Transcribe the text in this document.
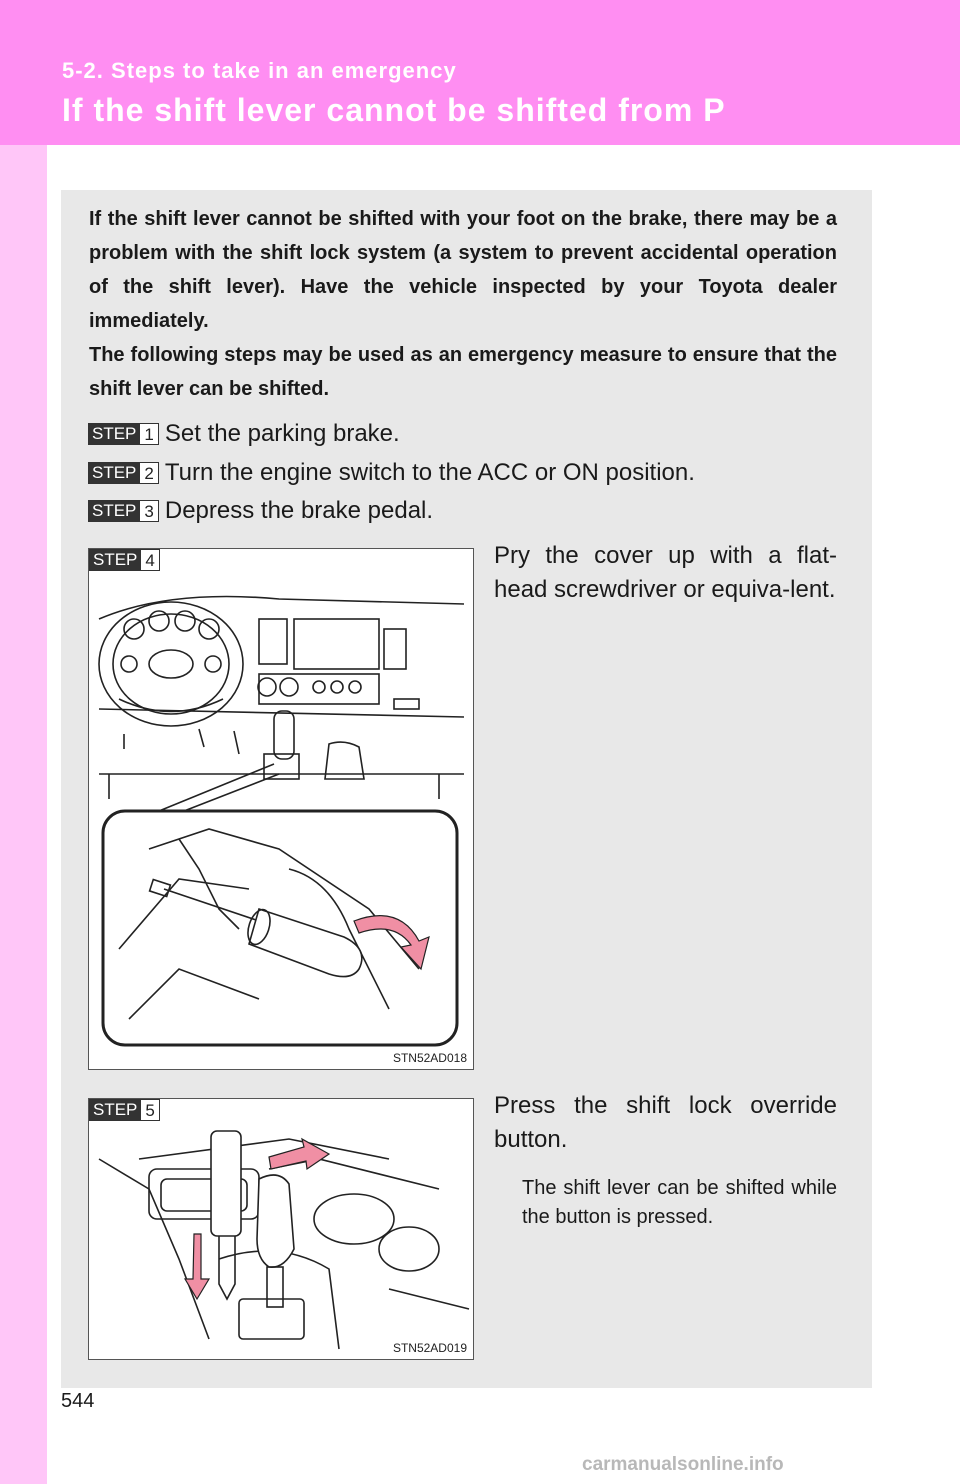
5-2. Steps to take in an emergency
If the shift lever cannot be shifted from P

If the shift lever cannot be shifted with your foot on the brake, there may be a problem with the shift lock system (a system to prevent accidental operation of the shift lever). Have the vehicle inspected by your Toyota dealer immediately.

The following steps may be used as an emergency measure to ensure that the shift lever can be shifted.

STEP 1 Set the parking brake.
STEP 2 Turn the engine switch to the ACC or ON position.
STEP 3 Depress the brake pedal.
STEP 4
STN52AD018
Pry the cover up with a flat-head screwdriver or equiva-lent.
STEP 5
STN52AD019
Press the shift lock override button.
The shift lever can be shifted while the button is pressed.
544
carmanualsonline.info
